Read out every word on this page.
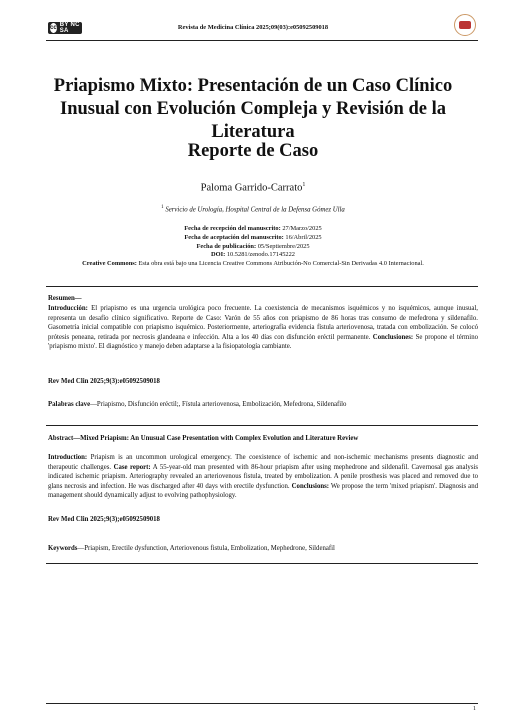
cc BY NC SA	Revista de Medicina Clínica 2025;09(03):e05092509018
Priapismo Mixto: Presentación de un Caso Clínico Inusual con Evolución Compleja y Revisión de la Literatura
Reporte de Caso
Paloma Garrido-Carrato$^1$
$^1$ Servicio de Urología, Hospital Central de la Defensa Gómez Ulla
Fecha de recepción del manuscrito: 27/Marzo/2025
Fecha de aceptación del manuscrito: 16/Abril/2025
Fecha de publicación: 05/Septiembre/2025
DOI: 10.5281/zenodo.17145222
Creative Commons: Esta obra está bajo una Licencia Creative Commons Atribución-No Comercial-Sin Derivadas 4.0 Internacional.
Resumen—
Introducción: El priapismo es una urgencia urológica poco frecuente. La coexistencia de mecanismos isquémicos y no isquémicos, aunque inusual, representa un desafío clínico significativo. Reporte de Caso: Varón de 55 años con priapismo de 86 horas tras consumo de mefedrona y sildenafilo. Gasometría inicial compatible con priapismo isquémico. Posteriormente, arteriografía evidencia fístula arteriovenosa, tratada con embolización. Se colocó prótesis peneana, retirada por necrosis glandeana e infección. Alta a los 40 días con disfunción eréctil permanente. Conclusiones: Se propone el término 'priapismo mixto'. El diagnóstico y manejo deben adaptarse a la fisiopatología cambiante.
Rev Med Clin 2025;9(3):e05092509018
Palabras clave—Priapismo, Disfunción eréctil;, Fístula arteriovenosa, Embolización, Mefedrona, Sildenafilo
Abstract—Mixed Priapism: An Unusual Case Presentation with Complex Evolution and Literature Review
Introduction: Priapism is an uncommon urological emergency. The coexistence of ischemic and non-ischemic mechanisms presents diagnostic and therapeutic challenges. Case report: A 55-year-old man presented with 86-hour priapism after using mephedrone and sildenafil. Cavernosal gas analysis indicated ischemic priapism. Arteriography revealed an arteriovenous fistula, treated by embolization. A penile prosthesis was placed and removed due to glans necrosis and infection. He was discharged after 40 days with erectile dysfunction. Conclusions: We propose the term 'mixed priapism'. Diagnosis and management should dynamically adjust to evolving pathophysiology.
Rev Med Clin 2025;9(3);e05092509018
Keywords—Priapism, Erectile dysfunction, Arteriovenous fistula, Embolization, Mephedrone, Sildenafil
1
